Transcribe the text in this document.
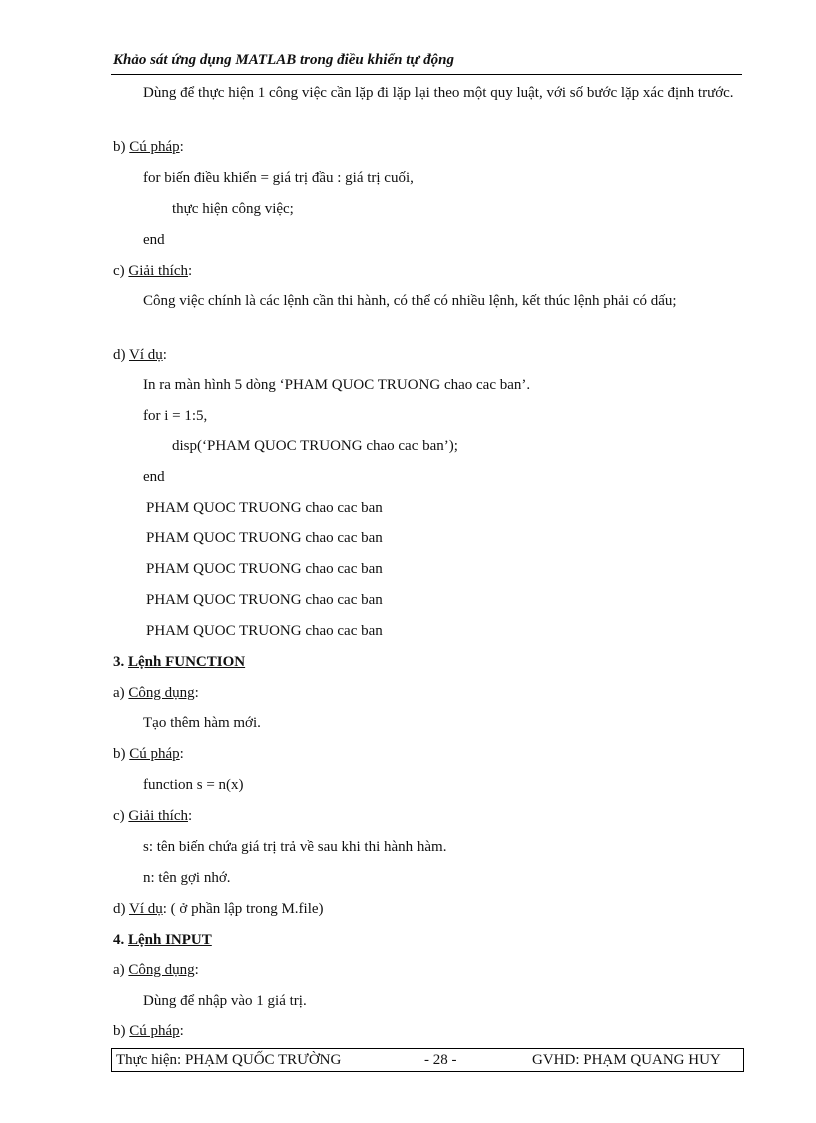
Khảo sát ứng dụng MATLAB trong điều khiển tự động
Dùng để thực hiện 1 công việc cần lặp đi lặp lại theo một quy luật, với số bước lặp xác định trước.
b) Cú pháp:
for biến điều khiển = giá trị đầu : giá trị cuối,
thực hiện công việc;
end
c) Giải thích:
Công việc chính là các lệnh cần thi hành, có thể có nhiều lệnh, kết thúc lệnh phải có dấu;
d) Ví dụ:
In ra màn hình 5 dòng ‘PHAM QUOC TRUONG chao cac ban’.
for i = 1:5,
disp(‘PHAM QUOC TRUONG chao cac ban’);
end
PHAM QUOC TRUONG chao cac ban
PHAM QUOC TRUONG chao cac ban
PHAM QUOC TRUONG chao cac ban
PHAM QUOC TRUONG chao cac ban
PHAM QUOC TRUONG chao cac ban
3. Lệnh FUNCTION
a) Công dụng:
Tạo thêm hàm mới.
b) Cú pháp:
function s = n(x)
c) Giải thích:
s: tên biến chứa giá trị trả về sau khi thi hành hàm.
n: tên gợi nhớ.
d) Ví dụ: ( ở phần lập trong M.file)
4. Lệnh INPUT
a) Công dụng:
Dùng để nhập vào 1 giá trị.
b) Cú pháp:
Thực hiện: PHẠM QUỐC TRƯỜNG	- 28 -	GVHD: PHẠM QUANG HUY
